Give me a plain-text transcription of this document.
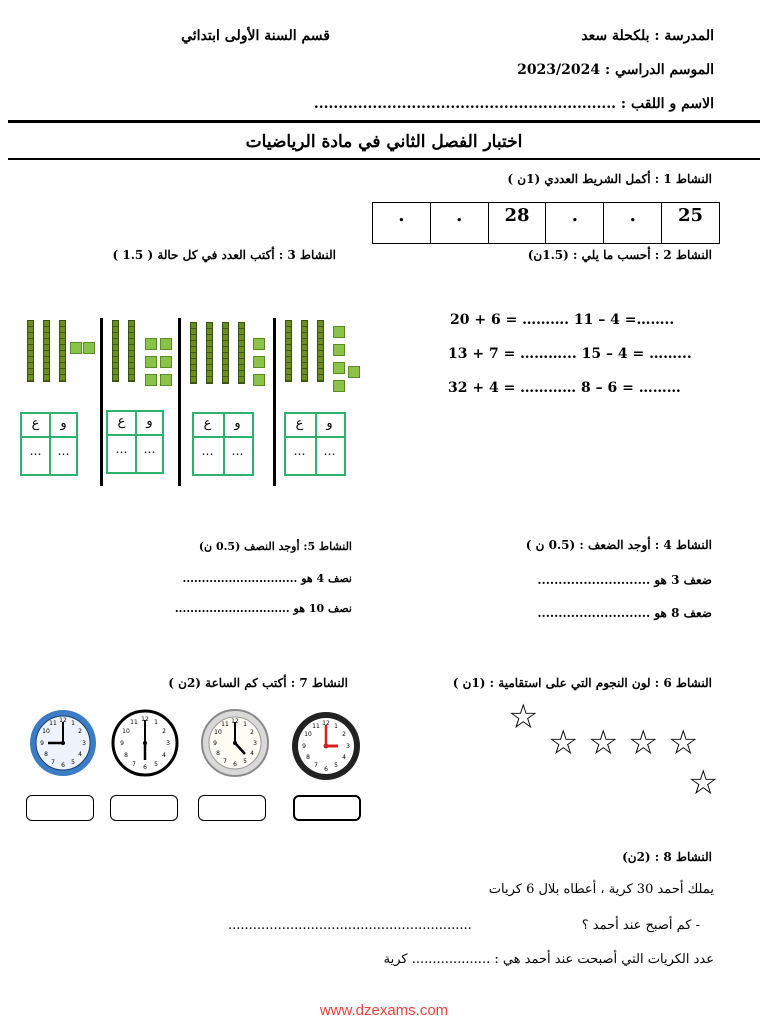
المدرسة : بلكحلة سعد
قسم السنة الأولى ابتدائي
الموسم الدراسي : 2023/2024
الاسم و اللقب : ..............................................................
اختبار الفصل الثاني في مادة الرياضيات
النشاط 1 : أكمل الشريط العددي (1ن )
.	.	28	.	.	25
النشاط 2 : أحسب ما يلي : (1.5ن)
النشاط 3 : أكتب العدد في كل حالة ( 1.5 )
20 + 6 = ………. 11 – 4 =……..
13 + 7 = ………... 15 – 4 = ……...
32 + 4 = ………… 8 – 6 = ………
ع	و
…	…
ع	و
…	…
ع	و
…	…
ع	و
…	…
النشاط 4 : أوجد الضعف : (0.5 ن )
ضعف 3 هو ...........................
ضعف 8 هو ...........................
النشاط 5: أوجد النصف (0.5 ن)
نصف 4 هو ..............................
نصف 10 هو ..............................
النشاط 6 : لون النجوم التي على استقامية : (1ن )
☆
☆ ☆ ☆ ☆
☆
النشاط 7 : أكتب كم الساعة (2ن )
12 1
2
3
4
5
6
7
8
9
10
11
12 1
2
3
4
5
6
7
8
9
10
11	12 1
2
3
4
5
6
7
8
9
10
11	12 1
2
3
4
5
6
7
8
9
10
11
النشاط 8 : (2ن)
يملك أحمد 30 كرية ، أعطاه بلال 6 كريات
- كم أصبح عند أحمد ؟
...........................................................
عدد الكريات التي أصبحت عند أحمد هي : ................... كرية
www.dzexams.com
